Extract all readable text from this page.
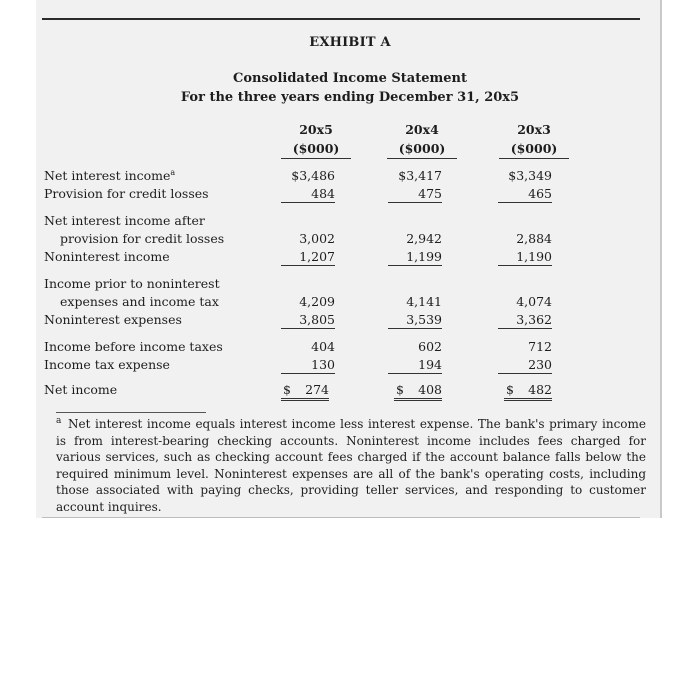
EXHIBIT A
Consolidated Income Statement
For the three years ending December 31, 20x5
20x5
($000)
20x4
($000)
20x3
($000)
Net interest income$^a$
Provision for credit losses
Net interest income after
provision for credit losses
Noninterest income
Income prior to noninterest
expenses and income tax
Noninterest expenses
Income before income taxes
Income tax expense
Net income
$3,486
484
3,002
1,207
4,209
3,805
404
130
$ 274
$3,417
475
2,942
1,199
4,141
3,539
602
194
$ 408
$3,349
465
2,884
1,190
4,074
3,362
712
230
$ 482
a Net interest income equals interest income less interest expense. The bank's primary income is from interest-bearing checking accounts. Noninterest income includes fees charged for various services, such as checking account fees charged if the account balance falls below the required minimum level. Noninterest expenses are all of the bank's operating costs, including those associated with paying checks, providing teller services, and responding to customer account inquires.
